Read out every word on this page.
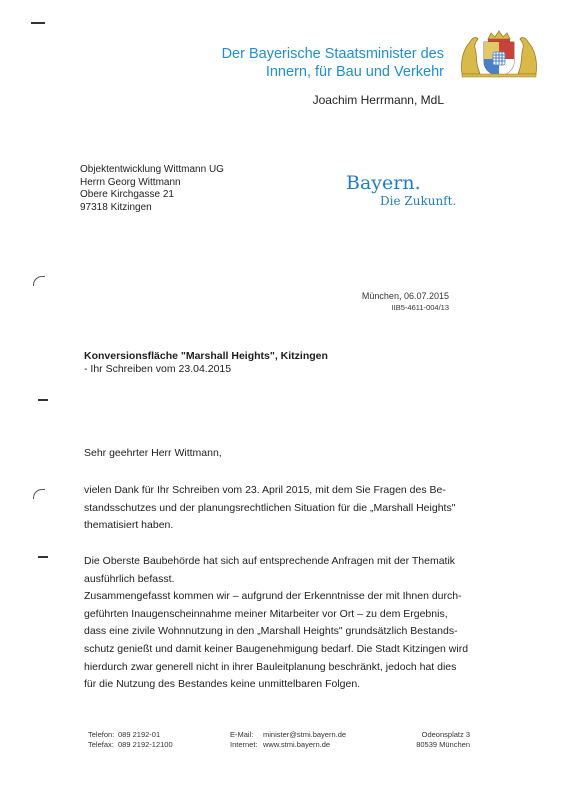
Der Bayerische Staatsminister des
Innern, für Bau und Verkehr
Joachim Herrmann, MdL
Objektentwicklung Wittmann UG
Herrn Georg Wittmann
Obere Kirchgasse 21
97318 Kitzingen
Bayern.
Die Zukunft.
München, 06.07.2015
IIB5-4611-004/13
Konversionsfläche "Marshall Heights", Kitzingen
- Ihr Schreiben vom 23.04.2015
Sehr geehrter Herr Wittmann,
vielen Dank für Ihr Schreiben vom 23. April 2015, mit dem Sie Fragen des Be-
standsschutzes und der planungsrechtlichen Situation für die „Marshall Heights"
thematisiert haben.
Die Oberste Baubehörde hat sich auf entsprechende Anfragen mit der Thematik
ausführlich befasst.
Zusammengefasst kommen wir – aufgrund der Erkenntnisse der mit Ihnen durch-
geführten Inaugenscheinnahme meiner Mitarbeiter vor Ort – zu dem Ergebnis,
dass eine zivile Wohnnutzung in den „Marshall Heights" grundsätzlich Bestands-
schutz genießt und damit keiner Baugenehmigung bedarf. Die Stadt Kitzingen wird
hierdurch zwar generell nicht in ihrer Bauleitplanung beschränkt, jedoch hat dies
für die Nutzung des Bestandes keine unmittelbaren Folgen.
Telefon: 089 2192-01
Telefax: 089 2192-12100
E-Mail: minister@stmi.bayern.de
Internet: www.stmi.bayern.de
Odeonsplatz 3
80539 München
